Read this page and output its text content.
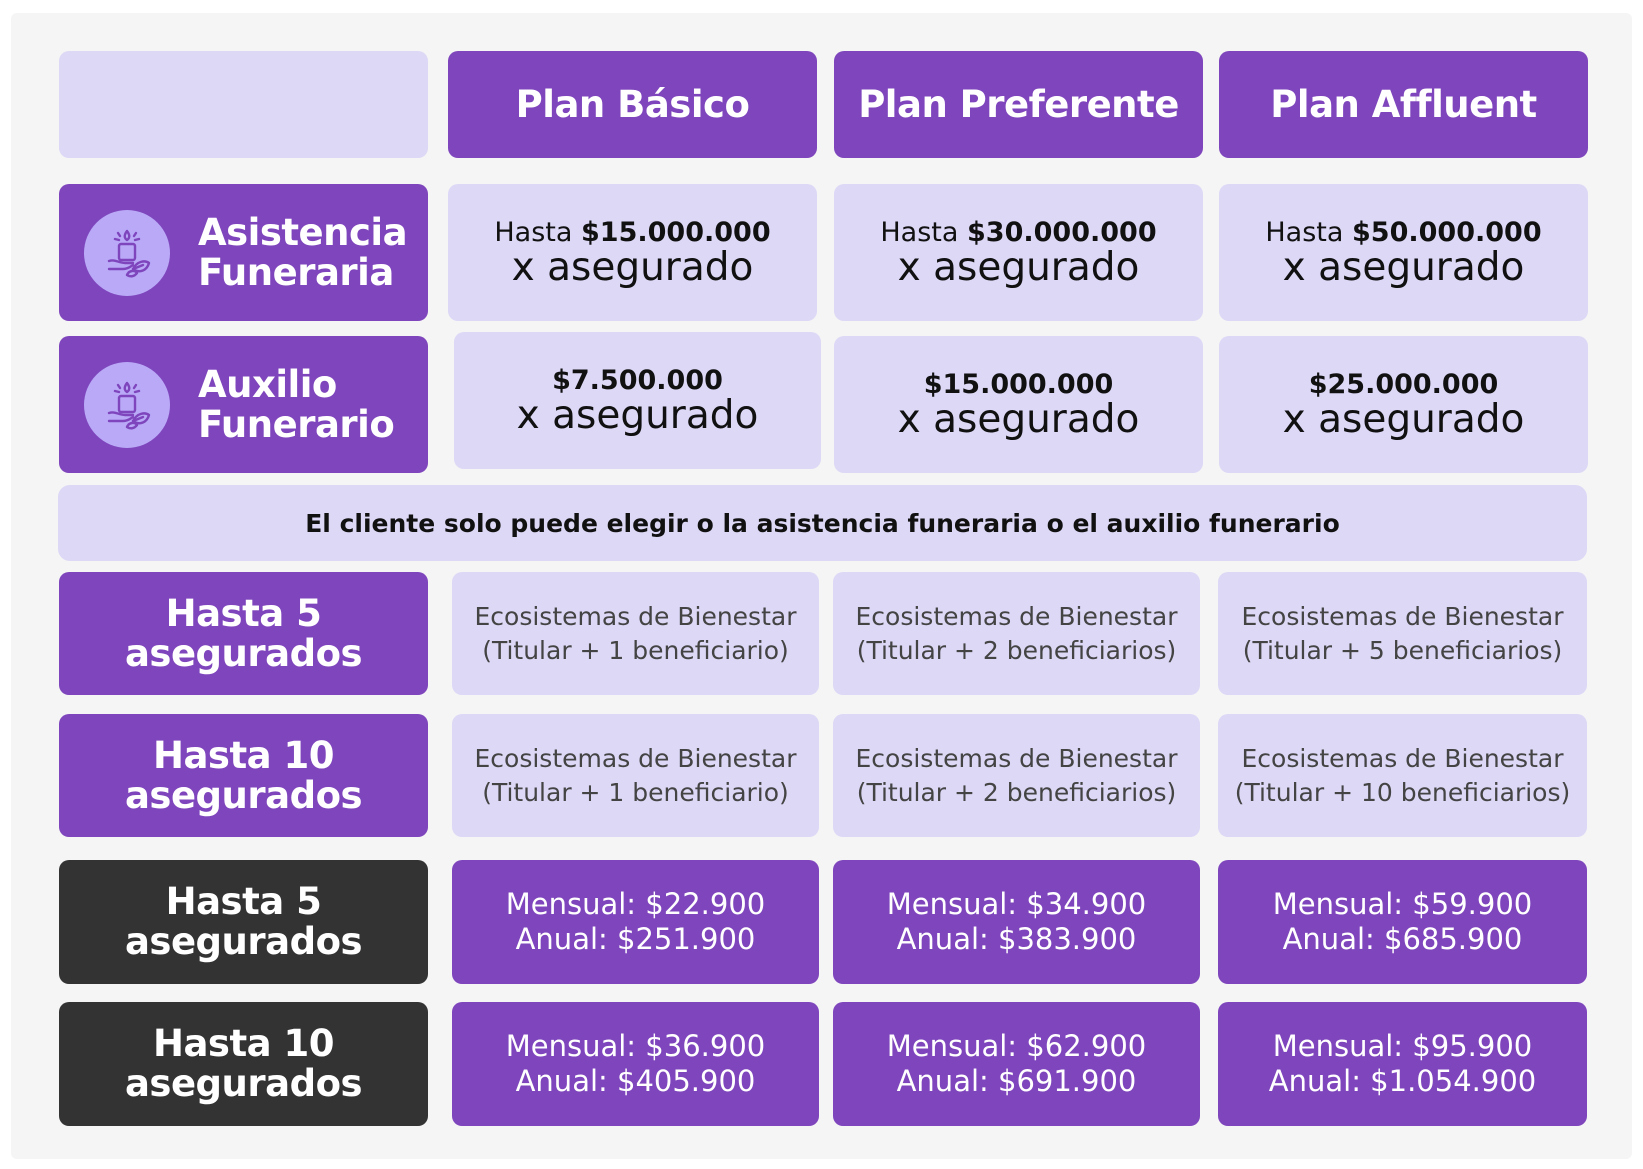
Plan Básico	Plan Preferente Plan Affluent
Asistencia
Funeraria
Hasta $15.000.000
x asegurado
Hasta $30.000.000
x asegurado
Hasta $50.000.000
x asegurado
Auxilio
Funerario
$7.500.000
x asegurado
$15.000.000
x asegurado
$25.000.000
x asegurado
El cliente solo puede elegir o la asistencia funeraria o el auxilio funerario
Hasta 5
asegurados
Ecosistemas de Bienestar
(Titular + 1 beneficiario)
Ecosistemas de Bienestar
(Titular + 2 beneficiarios)
Ecosistemas de Bienestar
(Titular + 5 beneficiarios)
Hasta 10
asegurados
Ecosistemas de Bienestar
(Titular + 1 beneficiario)
Ecosistemas de Bienestar
(Titular + 2 beneficiarios)
Ecosistemas de Bienestar
(Titular + 10 beneficiarios)
Hasta 5
asegurados
Mensual: $22.900
Anual: $251.900
Mensual: $34.900
Anual: $383.900
Mensual: $59.900
Anual: $685.900
Hasta 10
asegurados
Mensual: $36.900
Anual: $405.900
Mensual: $62.900
Anual: $691.900
Mensual: $95.900
Anual: $1.054.900
